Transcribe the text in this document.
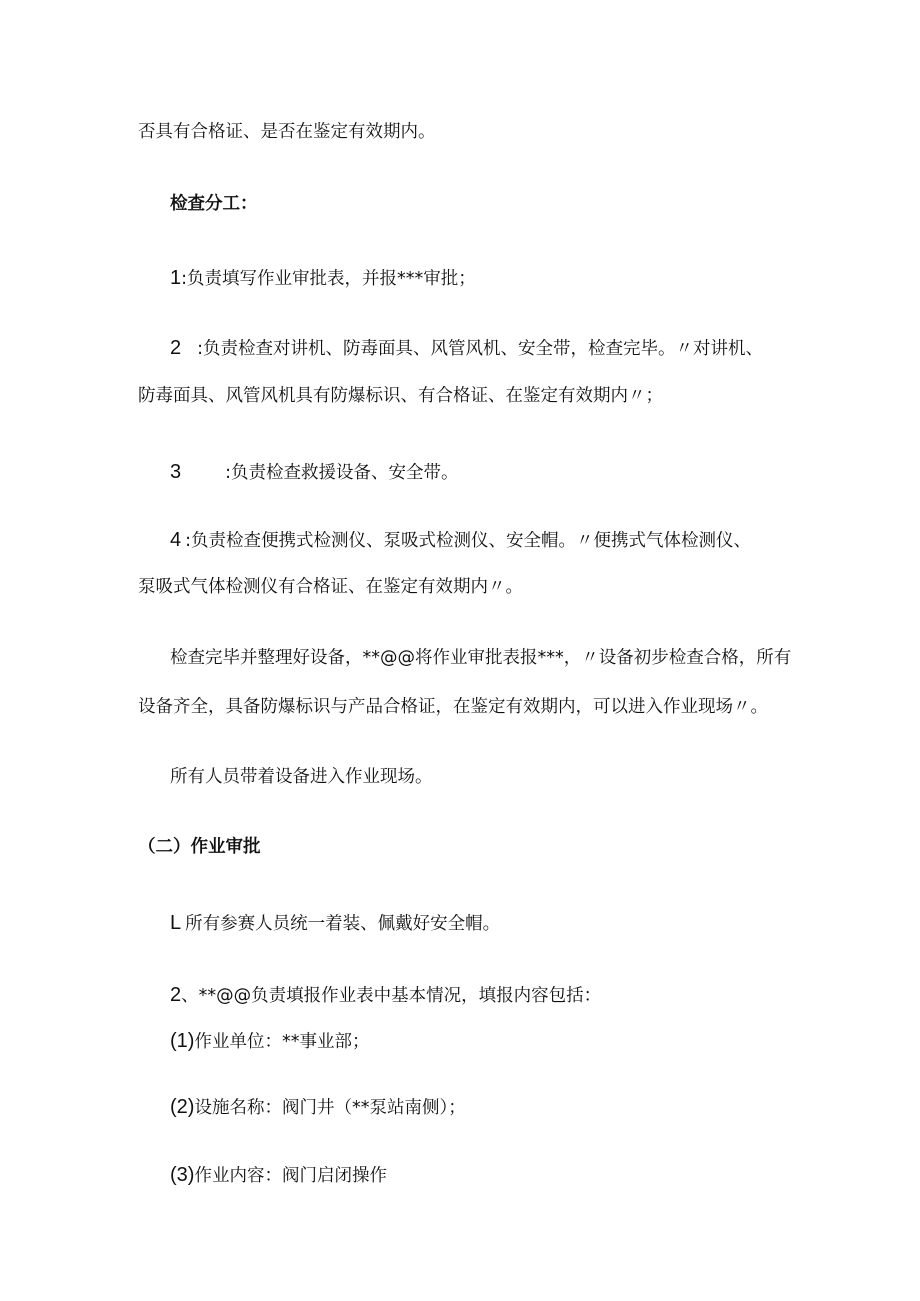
否具有合格证、是否在鉴定有效期内。
检查分工：
1:负责填写作业审批表，并报***审批；
2 :负责检查对讲机、防毒面具、风管风机、安全带，检查完毕。〃对讲机、
防毒面具、风管风机具有防爆标识、有合格证、在鉴定有效期内〃；
3	:负责检查救援设备、安全带。
4 :负责检查便携式检测仪、泵吸式检测仪、安全帽。〃便携式气体检测仪、
泵吸式气体检测仪有合格证、在鉴定有效期内〃。
检查完毕并整理好设备，**@@将作业审批表报***，〃设备初步检查合格，所有
设备齐全，具备防爆标识与产品合格证，在鉴定有效期内，可以进入作业现场〃。
所有人员带着设备进入作业现场。
（二）作业审批
L 所有参赛人员统一着装、佩戴好安全帽。
2、**@@负责填报作业表中基本情况，填报内容包括：
(1)作业单位：**事业部；
(2)设施名称：阀门井（**泵站南侧）；
(3)作业内容：阀门启闭操作
